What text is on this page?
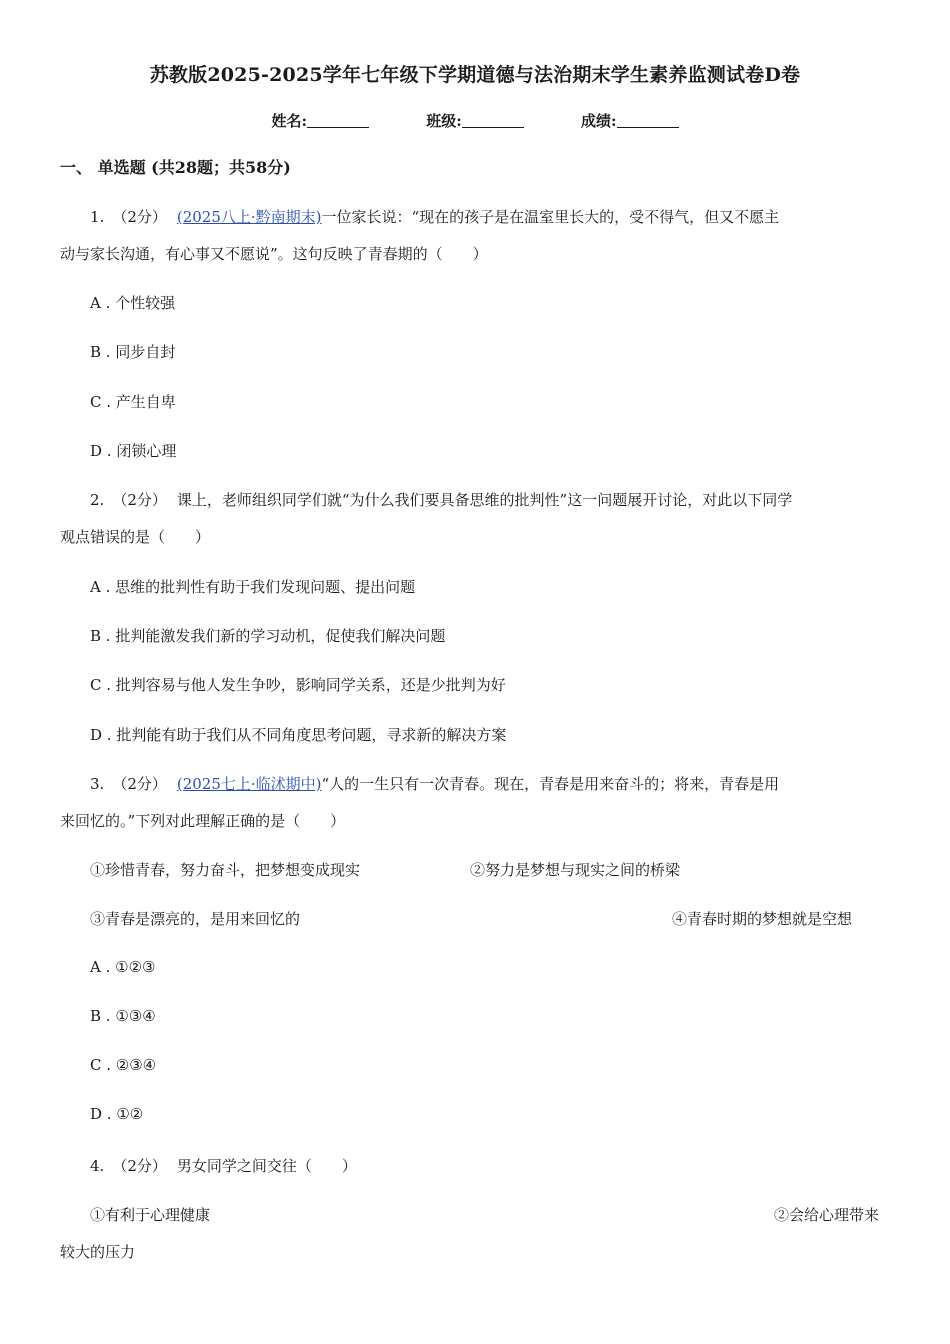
苏教版2025-2025学年七年级下学期道德与法治期末学生素养监测试卷D卷
姓名:	班级:	成绩:
一、 单选题 (共28题；共58分)
1. （2分） (2025八上·黔南期末)一位家长说：“现在的孩子是在温室里长大的，受不得气，但又不愿主
动与家长沟通，有心事又不愿说”。这句反映了青春期的（　　）
A . 个性较强
B . 同步自封
C . 产生自卑
D . 闭锁心理
2. （2分） 课上，老师组织同学们就“为什么我们要具备思维的批判性”这一问题展开讨论，对此以下同学
观点错误的是（　　）
A . 思维的批判性有助于我们发现问题、提出问题
B . 批判能激发我们新的学习动机，促使我们解决问题
C . 批判容易与他人发生争吵，影响同学关系，还是少批判为好
D . 批判能有助于我们从不同角度思考问题，寻求新的解决方案
3. （2分） (2025七上·临沭期中)“人的一生只有一次青春。现在，青春是用来奋斗的；将来，青春是用
来回忆的。”下列对此理解正确的是（　　）
①珍惜青春，努力奋斗，把梦想变成现实	②努力是梦想与现实之间的桥梁
③青春是漂亮的，是用来回忆的	④青春时期的梦想就是空想
A . ①②③
B . ①③④
C . ②③④
D . ①②
4. （2分） 男女同学之间交往（　　）
①有利于心理健康	②会给心理带来
较大的压力
